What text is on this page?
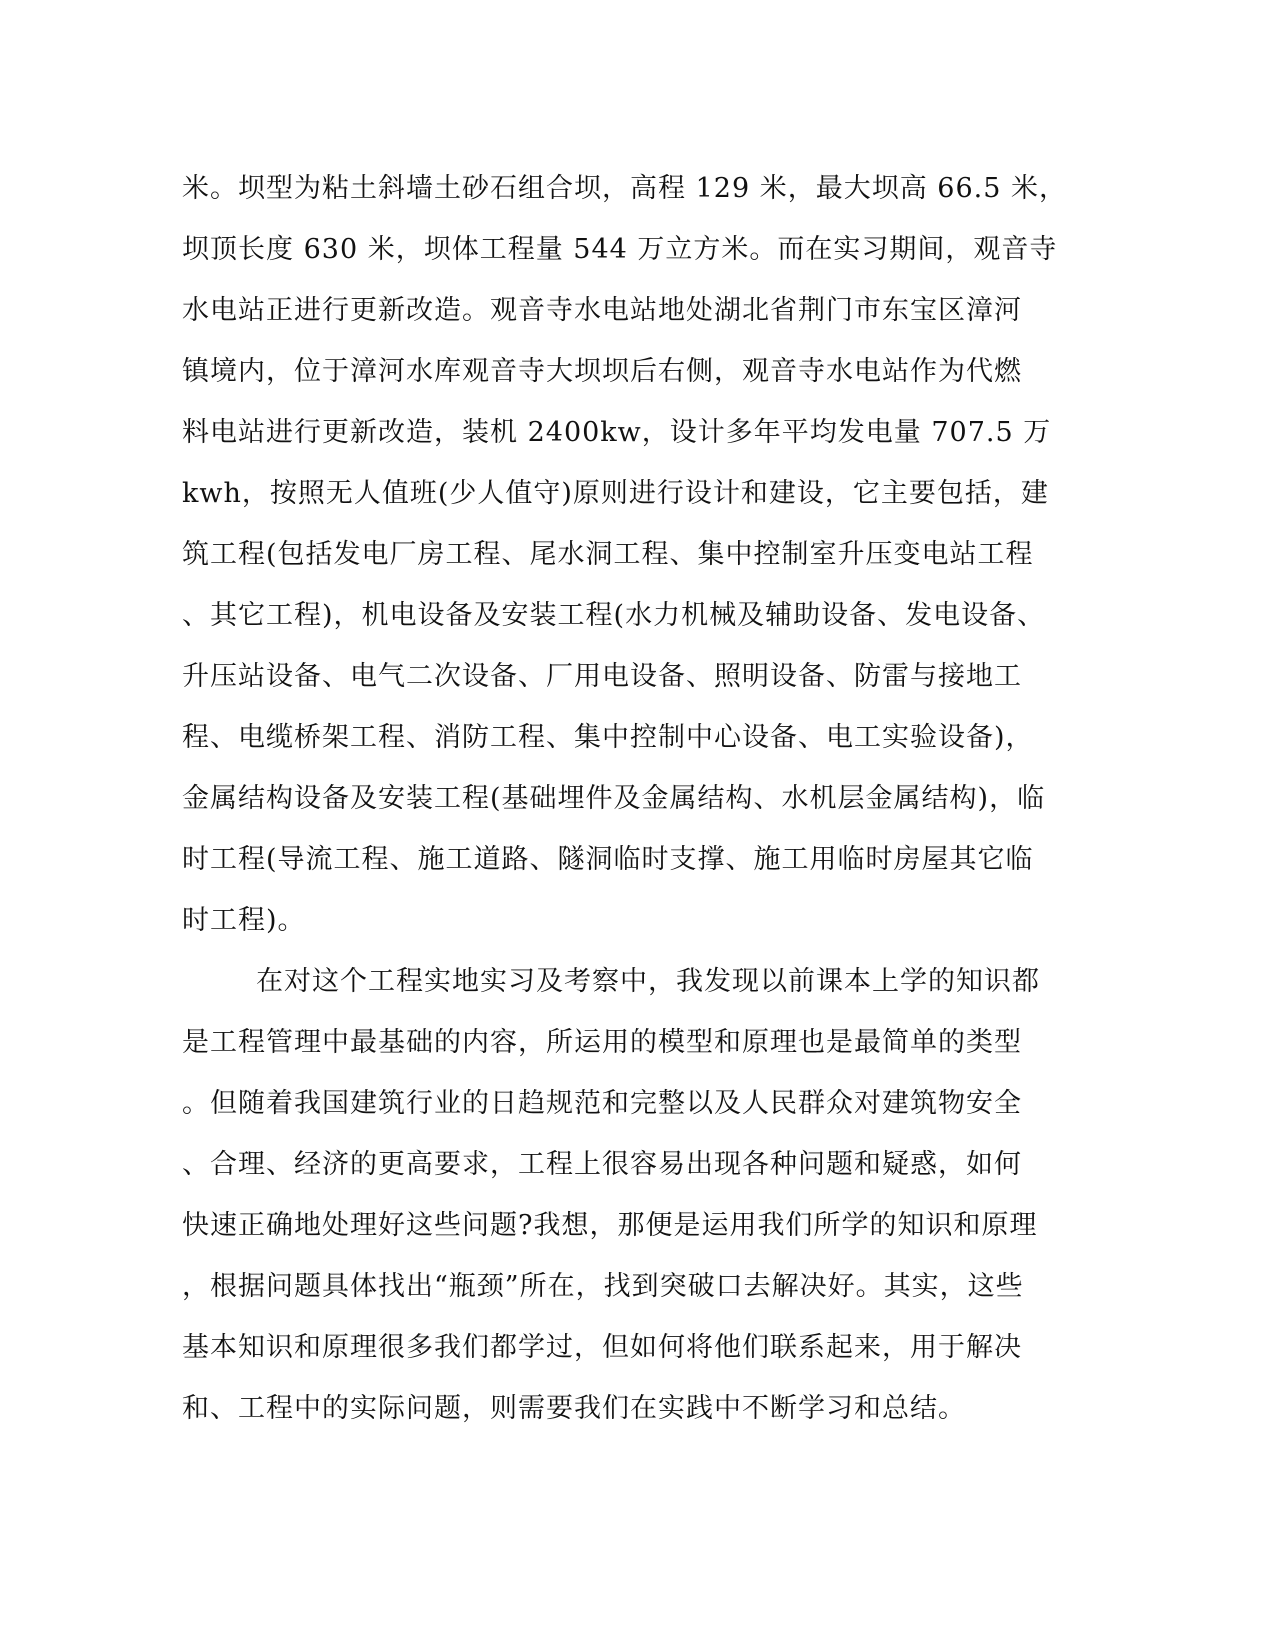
米。坝型为粘土斜墙土砂石组合坝，高程 129 米，最大坝高 66.5 米，
坝顶长度 630 米，坝体工程量 544 万立方米。而在实习期间，观音寺
水电站正进行更新改造。观音寺水电站地处湖北省荆门市东宝区漳河
镇境内，位于漳河水库观音寺大坝坝后右侧，观音寺水电站作为代燃
料电站进行更新改造，装机 2400kw，设计多年平均发电量 707.5 万
kwh，按照无人值班(少人值守)原则进行设计和建设，它主要包括，建
筑工程(包括发电厂房工程、尾水洞工程、集中控制室升压变电站工程
、其它工程)，机电设备及安装工程(水力机械及辅助设备、发电设备、
升压站设备、电气二次设备、厂用电设备、照明设备、防雷与接地工
程、电缆桥架工程、消防工程、集中控制中心设备、电工实验设备)，
金属结构设备及安装工程(基础埋件及金属结构、水机层金属结构)，临
时工程(导流工程、施工道路、隧洞临时支撑、施工用临时房屋其它临
时工程)。
在对这个工程实地实习及考察中，我发现以前课本上学的知识都
是工程管理中最基础的内容，所运用的模型和原理也是最简单的类型
。但随着我国建筑行业的日趋规范和完整以及人民群众对建筑物安全
、合理、经济的更高要求，工程上很容易出现各种问题和疑惑，如何
快速正确地处理好这些问题?我想，那便是运用我们所学的知识和原理
，根据问题具体找出“瓶颈”所在，找到突破口去解决好。其实，这些
基本知识和原理很多我们都学过，但如何将他们联系起来，用于解决
和、工程中的实际问题，则需要我们在实践中不断学习和总结。
